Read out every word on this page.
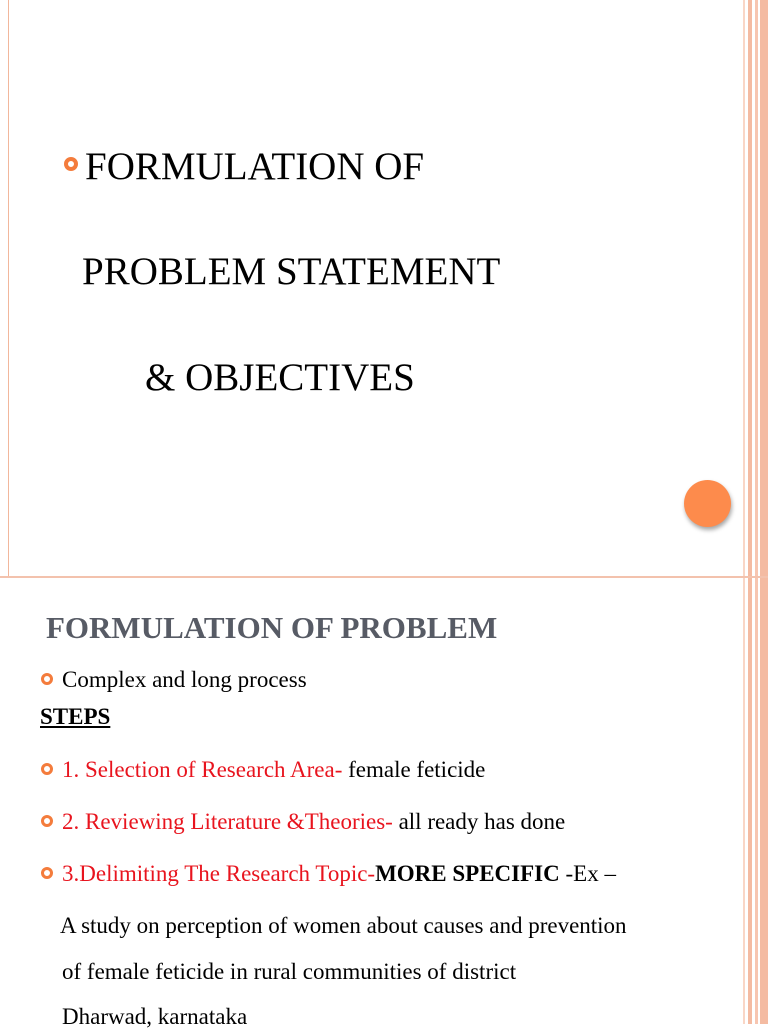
FORMULATION OF
PROBLEM STATEMENT
& OBJECTIVES
FORMULATION OF PROBLEM
Complex and long process
STEPS
1. Selection of Research Area- female feticide
2. Reviewing Literature &Theories- all ready has done
3.Delimiting The Research Topic-MORE SPECIFIC -Ex –
A study on perception of women about causes and prevention
of female feticide in rural communities of district
Dharwad, karnataka
